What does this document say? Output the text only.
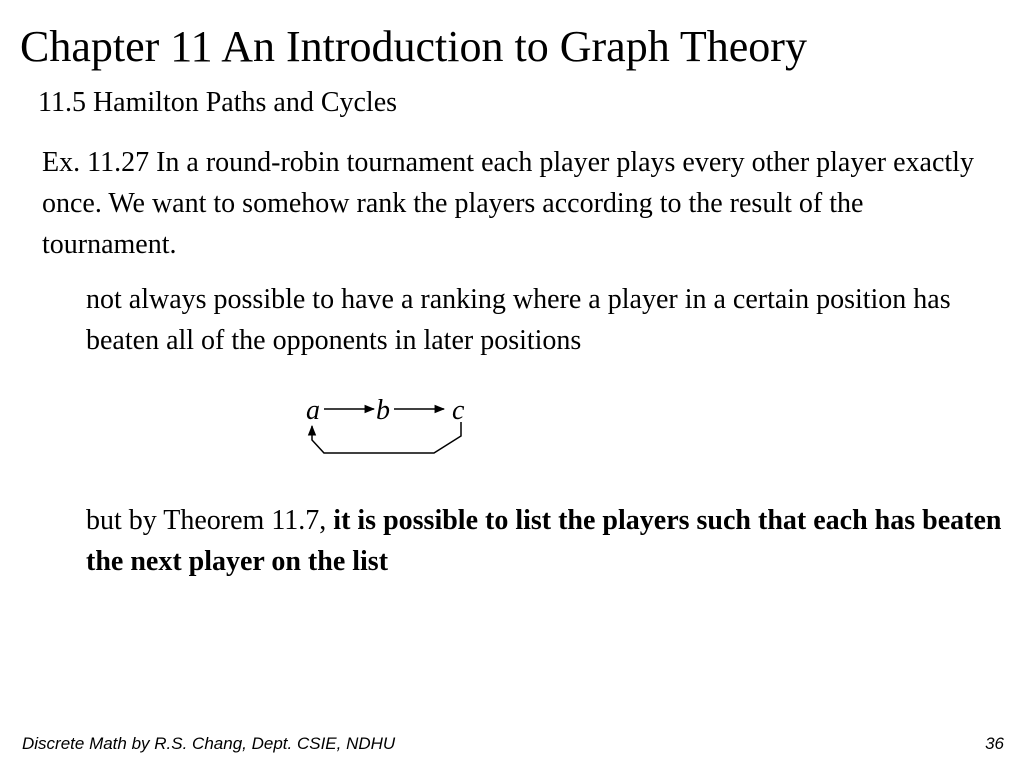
Chapter 11 An Introduction to Graph Theory
11.5 Hamilton Paths and Cycles

Ex. 11.27 In a round-robin tournament each player plays every other player exactly once. We want to somehow rank the players according to the result of the tournament.

not always possible to have a ranking where a player in a certain position has beaten all of the opponents in later positions

a b c

but by Theorem 11.7, it is possible to list the players such that each has beaten the next player on the list

Discrete Math by R.S. Chang, Dept. CSIE, NDHU	36
